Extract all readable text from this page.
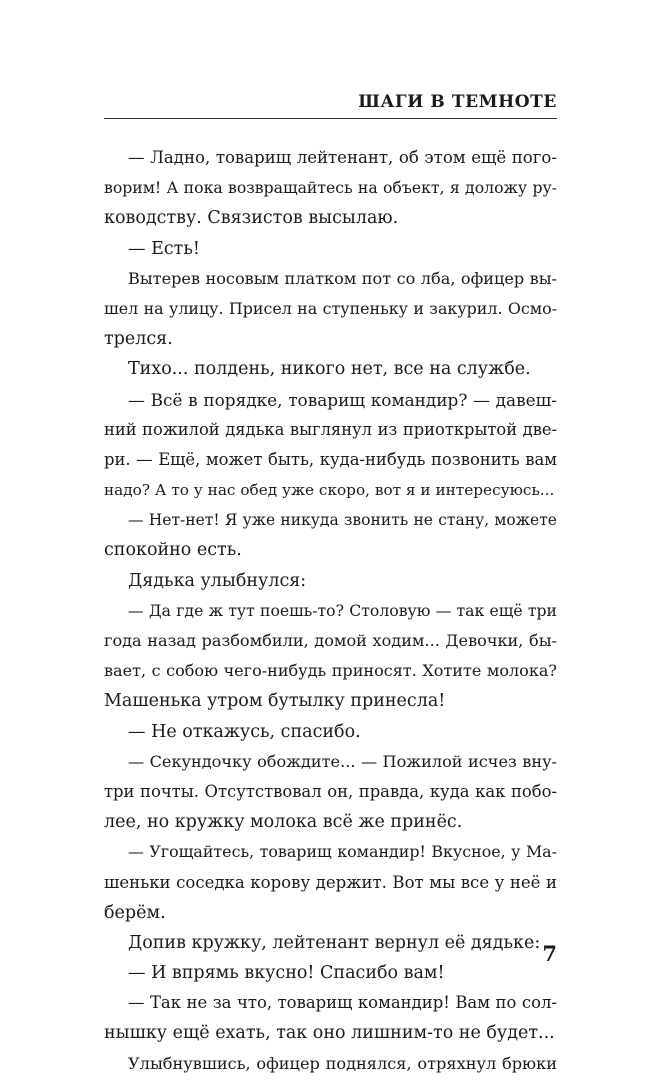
ШАГИ В ТЕМНОТЕ
— Ладно, товарищ лейтенант, об этом ещё пого-
ворим! А пока возвращайтесь на объект, я доложу ру-
ководству. Связистов высылаю.
— Есть!
Вытерев носовым платком пот со лба, офицер вы-
шел на улицу. Присел на ступеньку и закурил. Осмо-
трелся.
Тихо... полдень, никого нет, все на службе.
— Всё в порядке, товарищ командир? — давеш-
ний пожилой дядька выглянул из приоткрытой две-
ри. — Ещё, может быть, куда-нибудь позвонить вам
надо? А то у нас обед уже скоро, вот я и интересуюсь...
— Нет-нет! Я уже никуда звонить не стану, можете
спокойно есть.
Дядька улыбнулся:
— Да где ж тут поешь-то? Столовую — так ещё три
года назад разбомбили, домой ходим... Девочки, бы-
вает, с собою чего-нибудь приносят. Хотите молока?
Машенька утром бутылку принесла!
— Не откажусь, спасибо.
— Секундочку обождите... — Пожилой исчез вну-
три почты. Отсутствовал он, правда, куда как побо-
лее, но кружку молока всё же принёс.
— Угощайтесь, товарищ командир! Вкусное, у Ма-
шеньки соседка корову держит. Вот мы все у неё и
берём.
Допив кружку, лейтенант вернул её дядьке:
— И впрямь вкусно! Спасибо вам!
— Так не за что, товарищ командир! Вам по сол-
нышку ещё ехать, так оно лишним-то не будет...
Улыбнувшись, офицер поднялся, отряхнул брюки
7
